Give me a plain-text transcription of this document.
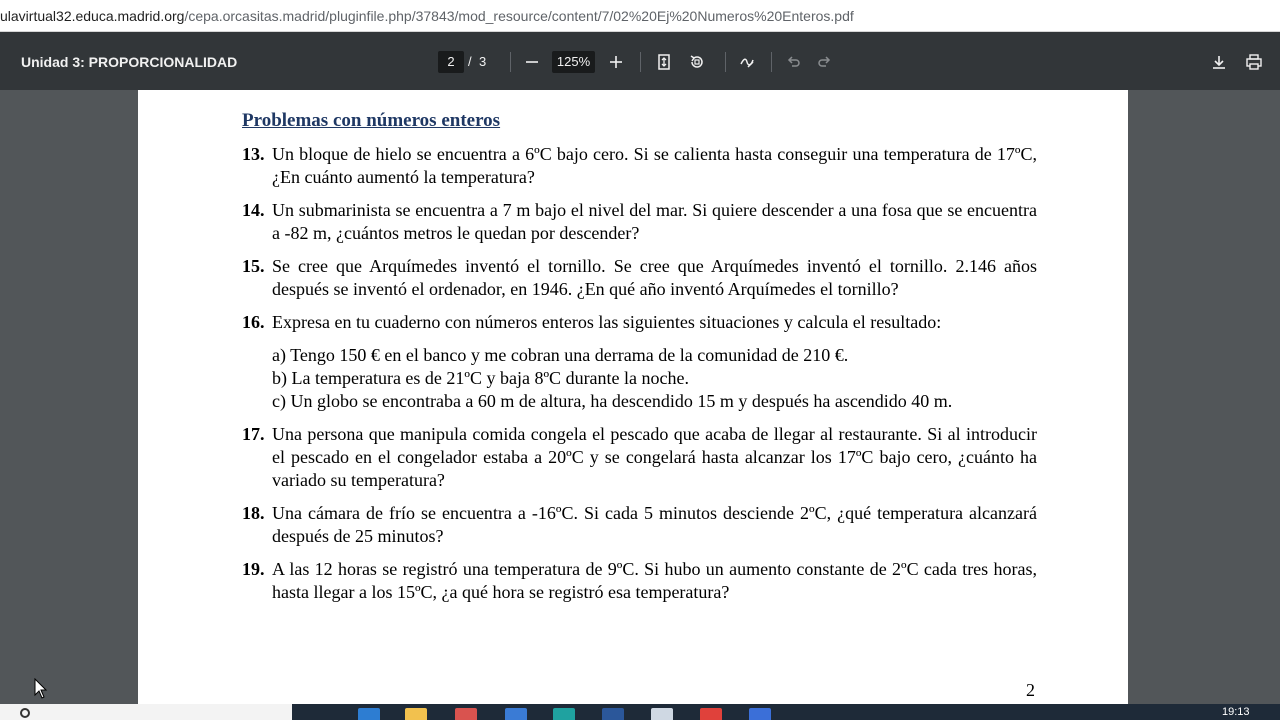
ulavirtual32.educa.madrid.org/cepa.orcasitas.madrid/pluginfile.php/37843/mod_resource/content/7/02%20Ej%20Numeros%20Enteros.pdf
Unidad 3: PROPORCIONALIDAD	2	/ 3	125%
Problemas con números enteros
13. Un bloque de hielo se encuentra a 6ºC bajo cero. Si se calienta hasta conseguir una temperatura de 17ºC, ¿En cuánto aumentó la temperatura?
14. Un submarinista se encuentra a 7 m bajo el nivel del mar. Si quiere descender a una fosa que se encuentra a -82 m, ¿cuántos metros le quedan por descender?
15. Se cree que Arquímedes inventó el tornillo. Se cree que Arquímedes inventó el tornillo. 2.146 años después se inventó el ordenador, en 1946. ¿En qué año inventó Arquímedes el tornillo?
16. Expresa en tu cuaderno con números enteros las siguientes situaciones y calcula el resultado:
a) Tengo 150 € en el banco y me cobran una derrama de la comunidad de 210 €.
b) La temperatura es de 21ºC y baja 8ºC durante la noche.
c) Un globo se encontraba a 60 m de altura, ha descendido 15 m y después ha ascendido 40 m.
17. Una persona que manipula comida congela el pescado que acaba de llegar al restaurante. Si al introducir el pescado en el congelador estaba a 20ºC y se congelará hasta alcanzar los 17ºC bajo cero, ¿cuánto ha variado su temperatura?
18. Una cámara de frío se encuentra a -16ºC. Si cada 5 minutos desciende 2ºC, ¿qué temperatura alcanzará después de 25 minutos?
19. A las 12 horas se registró una temperatura de 9ºC. Si hubo un aumento constante de 2ºC cada tres horas, hasta llegar a los 15ºC, ¿a qué hora se registró esa temperatura?
2
19:13
